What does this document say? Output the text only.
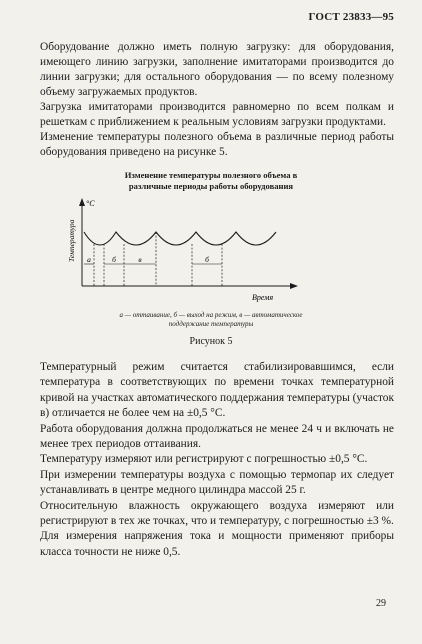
ГОСТ 23833—95

Оборудование должно иметь полную загрузку: для оборудования, имеющего линию загрузки, заполнение имитаторами производится до линии загрузки; для остального оборудования — по всему полезному объему загружаемых продуктов.

Загрузка имитаторами производится равномерно по всем полкам и решеткам с приближением к реальным условиям загрузки продуктами.

Изменение температуры полезного объема в различные период работы оборудования приведено на рисунке 5.

Изменение температуры полезного объема в
различные периоды работы оборудования
°С
Температура
Время
а	б	в	б
а — оттаивание, б — выход на режим, в — автоматическое
поддержание температуры
Рисунок 5

Температурный режим считается стабилизировавшимся, если температура в соответствующих по времени точках температурной кривой на участках автоматического поддержания температуры (участок в) отличается не более чем на ±0,5 °С.

Работа оборудования должна продолжаться не менее 24 ч и включать не менее трех периодов оттаивания.

Температуру измеряют или регистрируют с погрешностью ±0,5 °С.

При измерении температуры воздуха с помощью термопар их следует устанавливать в центре медного цилиндра массой 25 г.

Относительную влажность окружающего воздуха измеряют или регистрируют в тех же точках, что и температуру, с погрешностью ±3 %.

Для измерения напряжения тока и мощности применяют приборы класса точности не ниже 0,5.

29
